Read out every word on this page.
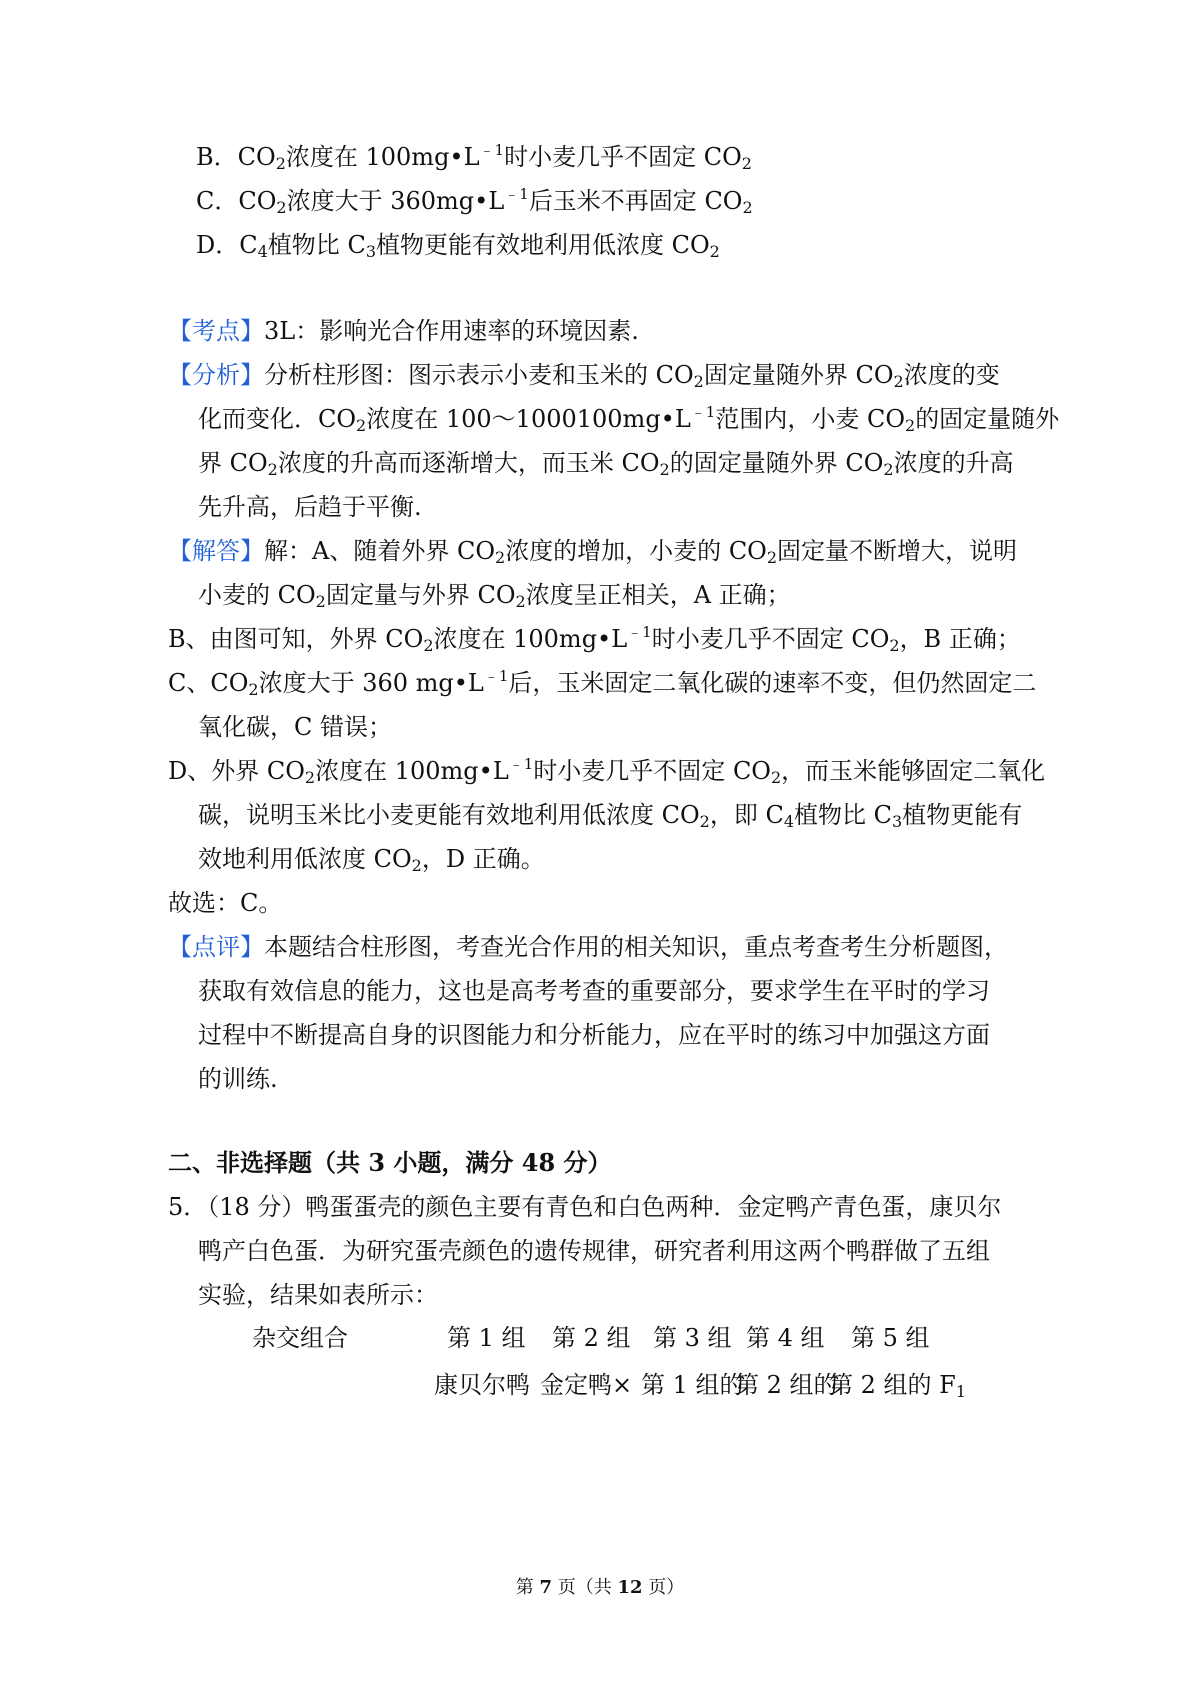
B．$CO_2$浓度在 $100mg•L^{﹣1}$时小麦几乎不固定 $CO_2$
C．$CO_2$浓度大于 $360mg•L^{﹣1}$后玉米不再固定 $CO_2$
D．$C_4$植物比 $C_3$植物更能有效地利用低浓度 $CO_2$
【考点】3L：影响光合作用速率的环境因素.
【分析】分析柱形图：图示表示小麦和玉米的 $CO_2$固定量随外界 $CO_2$浓度的变
化而变化．$CO_2$浓度在 $100\sim 1000100mg•L^{﹣1}$范围内，小麦 $CO_2$的固定量随外
界 $CO_2$浓度的升高而逐渐增大，而玉米 $CO_2$的固定量随外界 $CO_2$浓度的升高
先升高，后趋于平衡.
【解答】解：A、随着外界 $CO_2$浓度的增加，小麦的 $CO_2$固定量不断增大，说明
小麦的 $CO_2$固定量与外界 $CO_2$浓度呈正相关，A 正确；
B、由图可知，外界 $CO_2$浓度在 $100mg•L^{﹣1}$时小麦几乎不固定 $CO_2$，B 正确；
C、$CO_2$浓度大于 360 $mg•L^{﹣1}$后，玉米固定二氧化碳的速率不变，但仍然固定二
氧化碳，C 错误；
D、外界 $CO_2$浓度在 $100mg•L^{﹣1}$时小麦几乎不固定 $CO_2$，而玉米能够固定二氧化
碳，说明玉米比小麦更能有效地利用低浓度 $CO_2$，即 $C_4$植物比 $C_3$植物更能有
效地利用低浓度 $CO_2$，D 正确。
故选：C。
【点评】本题结合柱形图，考查光合作用的相关知识，重点考查考生分析题图，
获取有效信息的能力，这也是高考考查的重要部分，要求学生在平时的学习
过程中不断提高自身的识图能力和分析能力，应在平时的练习中加强这方面
的训练.
二、非选择题（共 3 小题，满分 48 分）
5．（18 分）鸭蛋蛋壳的颜色主要有青色和白色两种．金定鸭产青色蛋，康贝尔
鸭产白色蛋．为研究蛋壳颜色的遗传规律，研究者利用这两个鸭群做了五组
实验，结果如表所示：
杂交组合	第 1 组 第 2 组 第 3 组 第 4 组 第 5 组
康贝尔鸭 金定鸭× 第 1 组的
第 2 组的
第 2 组的 $F_1$
第 7 页（共 12 页）
